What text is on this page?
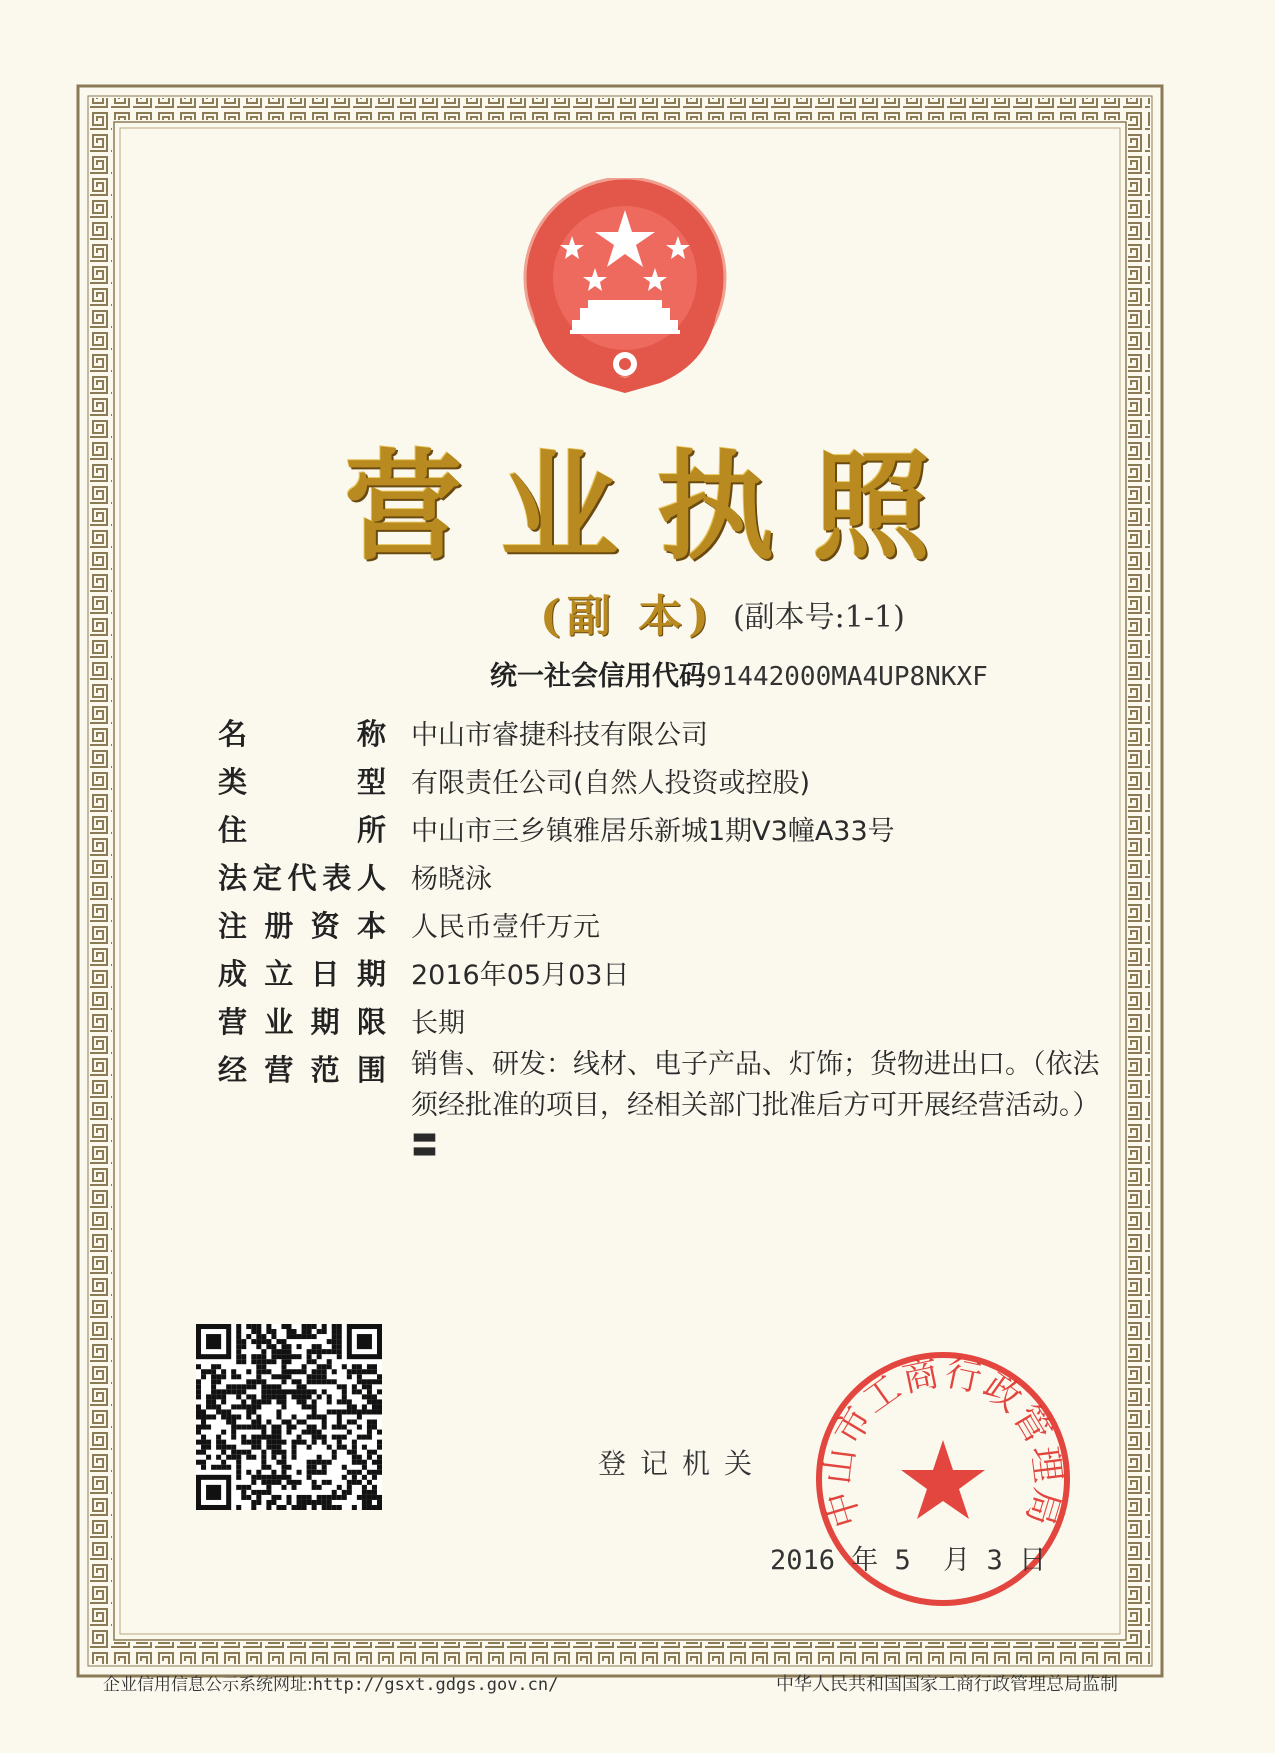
营业执照
(副 本) (副本号:1-1)
统一社会信用代码91442000MA4UP8NKXF
名	称 中山市睿捷科技有限公司
类	型 有限责任公司(自然人投资或控股)
住	所 中山市三乡镇雅居乐新城1期V3幢A33号
法 定 代 表 人 杨晓泳
注 册 资 本 人民币壹仟万元
成 立 日 期 2016年05月03日
营 业 期 限 长期
经 营 范 围 销售、研发：线材、电子产品、灯饰；货物进出口。（依法须经批准的项目，经相关部门批准后方可开展经营活动。）〓
登记机关
中山市工商行政管理局
2016 年 5  月 3 日
企业信用信息公示系统网址:http://gsxt.gdgs.gov.cn/	中华人民共和国国家工商行政管理总局监制
